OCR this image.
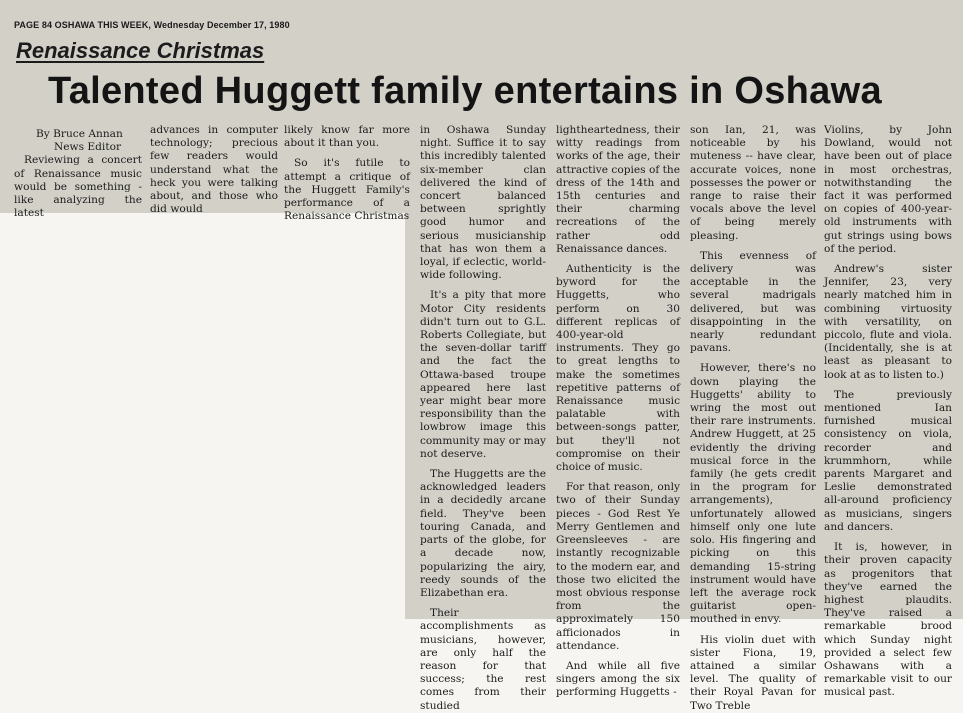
PAGE 84 OSHAWA THIS WEEK, Wednesday December 17, 1980
Renaissance Christmas
Talented Huggett family entertains in Oshawa

By Bruce Annan

News Editor

Reviewing a concert of Renaissance music would be something - like analyzing the latest

advances in computer technology; precious few readers would understand what the heck you were talking about, and those who did would

likely know far more about it than you.

So it's futile to attempt a critique of the Huggett Family's performance of a Renaissance Christmas

in Oshawa Sunday night. Suffice it to say this incredibly talented six-member clan delivered the kind of concert balanced between sprightly good humor and serious musicianship that has won them a loyal, if eclectic, world-wide following.

It's a pity that more Motor City residents didn't turn out to G.L. Roberts Collegiate, but the seven-dollar tariff and the fact the Ottawa-based troupe appeared here last year might bear more responsibility than the lowbrow image this community may or may not deserve.

The Huggetts are the acknowledged leaders in a decidedly arcane field. They've been touring Canada, and parts of the globe, for a decade now, popularizing the airy, reedy sounds of the Elizabethan era.

Their accomplishments as musicians, however, are only half the reason for that success; the rest comes from their studied

lightheartedness, their witty readings from works of the age, their attractive copies of the dress of the 14th and 15th centuries and their charming recreations of the rather odd Renaissance dances.

Authenticity is the byword for the Huggetts, who perform on 30 different replicas of 400-year-old instruments. They go to great lengths to make the sometimes repetitive patterns of Renaissance music palatable with between-songs patter, but they'll not compromise on their choice of music.

For that reason, only two of their Sunday pieces - God Rest Ye Merry Gentlemen and Greensleeves - are instantly recognizable to the modern ear, and those two elicited the most obvious response from the approximately 150 afficionados in attendance.

And while all five singers among the six performing Huggetts -

son Ian, 21, was noticeable by his muteness -- have clear, accurate voices, none possesses the power or range to raise their vocals above the level of being merely pleasing.

This evenness of delivery was acceptable in the several madrigals delivered, but was disappointing in the nearly redundant pavans.

However, there's no down playing the Huggetts' ability to wring the most out their rare instruments. Andrew Huggett, at 25 evidently the driving musical force in the family (he gets credit in the program for arrangements), unfortunately allowed himself only one lute solo. His fingering and picking on this demanding 15-string instrument would have left the average rock guitarist open-mouthed in envy.

His violin duet with sister Fiona, 19, attained a similar level. The quality of their Royal Pavan for Two Treble

Violins, by John Dowland, would not have been out of place in most orchestras, notwithstanding the fact it was performed on copies of 400-year-old instruments with gut strings using bows of the period.

Andrew's sister Jennifer, 23, very nearly matched him in combining virtuosity with versatility, on piccolo, flute and viola. (Incidentally, she is at least as pleasant to look at as to listen to.)

The previously mentioned Ian furnished musical consistency on viola, recorder and krummhorn, while parents Margaret and Leslie demonstrated all-around proficiency as musicians, singers and dancers.

It is, however, in their proven capacity as progenitors that they've earned the highest plaudits. They've raised a remarkable brood which Sunday night provided a select few Oshawans with a remarkable visit to our musical past.
